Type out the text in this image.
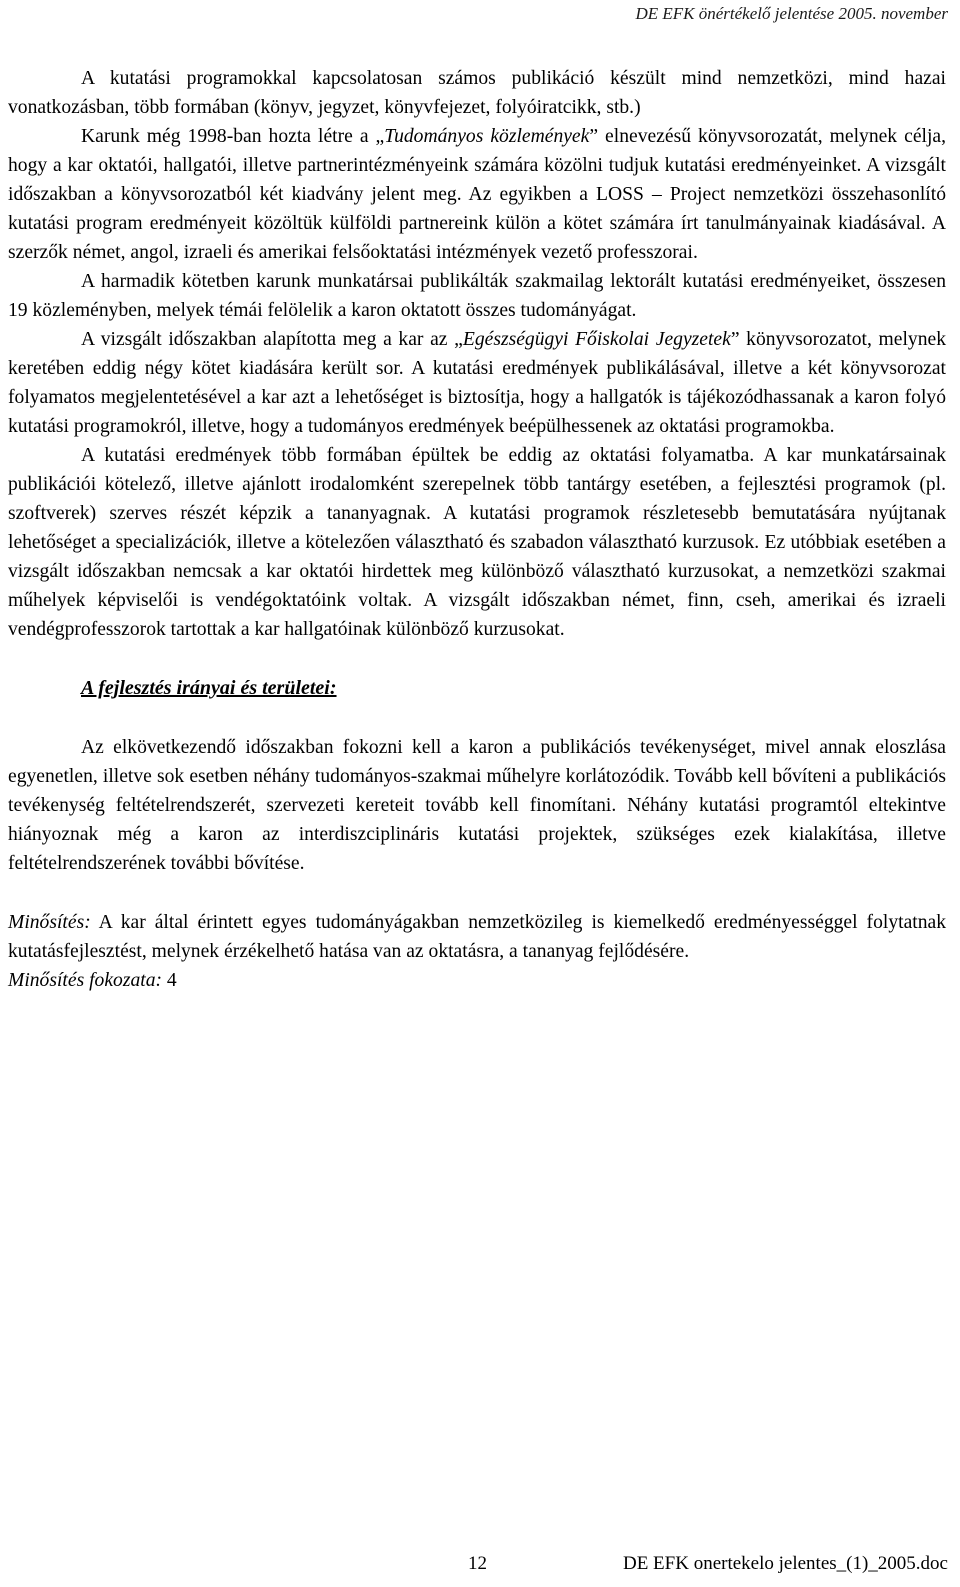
DE EFK önértékelő jelentése 2005. november

A kutatási programokkal kapcsolatosan számos publikáció készült mind nemzetközi, mind hazai vonatkozásban, több formában (könyv, jegyzet, könyvfejezet, folyóiratcikk, stb.)

Karunk még 1998-ban hozta létre a „Tudományos közlemények” elnevezésű könyvsorozatát, melynek célja, hogy a kar oktatói, hallgatói, illetve partnerintézményeink számára közölni tudjuk kutatási eredményeinket. A vizsgált időszakban a könyvsorozatból két kiadvány jelent meg. Az egyikben a LOSS – Project nemzetközi összehasonlító kutatási program eredményeit közöltük külföldi partnereink külön a kötet számára írt tanulmányainak kiadásával. A szerzők német, angol, izraeli és amerikai felsőoktatási intézmények vezető professzorai.

A harmadik kötetben karunk munkatársai publikálták szakmailag lektorált kutatási eredményeiket, összesen 19 közleményben, melyek témái felölelik a karon oktatott összes tudományágat.

A vizsgált időszakban alapította meg a kar az „Egészségügyi Főiskolai Jegyzetek” könyvsorozatot, melynek keretében eddig négy kötet kiadására került sor. A kutatási eredmények publikálásával, illetve a két könyvsorozat folyamatos megjelentetésével a kar azt a lehetőséget is biztosítja, hogy a hallgatók is tájékozódhassanak a karon folyó kutatási programokról, illetve, hogy a tudományos eredmények beépülhessenek az oktatási programokba.

A kutatási eredmények több formában épültek be eddig az oktatási folyamatba. A kar munkatársainak publikációi kötelező, illetve ajánlott irodalomként szerepelnek több tantárgy esetében, a fejlesztési programok (pl. szoftverek) szerves részét képzik a tananyagnak. A kutatási programok részletesebb bemutatására nyújtanak lehetőséget a specializációk, illetve a kötelezően választható és szabadon választható kurzusok. Ez utóbbiak esetében a vizsgált időszakban nemcsak a kar oktatói hirdettek meg különböző választható kurzusokat, a nemzetközi szakmai műhelyek képviselői is vendégoktatóink voltak. A vizsgált időszakban német, finn, cseh, amerikai és izraeli vendégprofesszorok tartottak a kar hallgatóinak különböző kurzusokat.

A fejlesztés irányai és területei:

Az elkövetkezendő időszakban fokozni kell a karon a publikációs tevékenységet, mivel annak eloszlása egyenetlen, illetve sok esetben néhány tudományos-szakmai műhelyre korlátozódik. Tovább kell bővíteni a publikációs tevékenység feltételrendszerét, szervezeti kereteit tovább kell finomítani. Néhány kutatási programtól eltekintve hiányoznak még a karon az interdiszciplináris kutatási projektek, szükséges ezek kialakítása, illetve feltételrendszerének további bővítése.

Minősítés: A kar által érintett egyes tudományágakban nemzetközileg is kiemelkedő eredményességgel folytatnak kutatásfejlesztést, melynek érzékelhető hatása van az oktatásra, a tananyag fejlődésére.

Minősítés fokozata: 4

12	DE EFK onertekelo jelentes_(1)_2005.doc
